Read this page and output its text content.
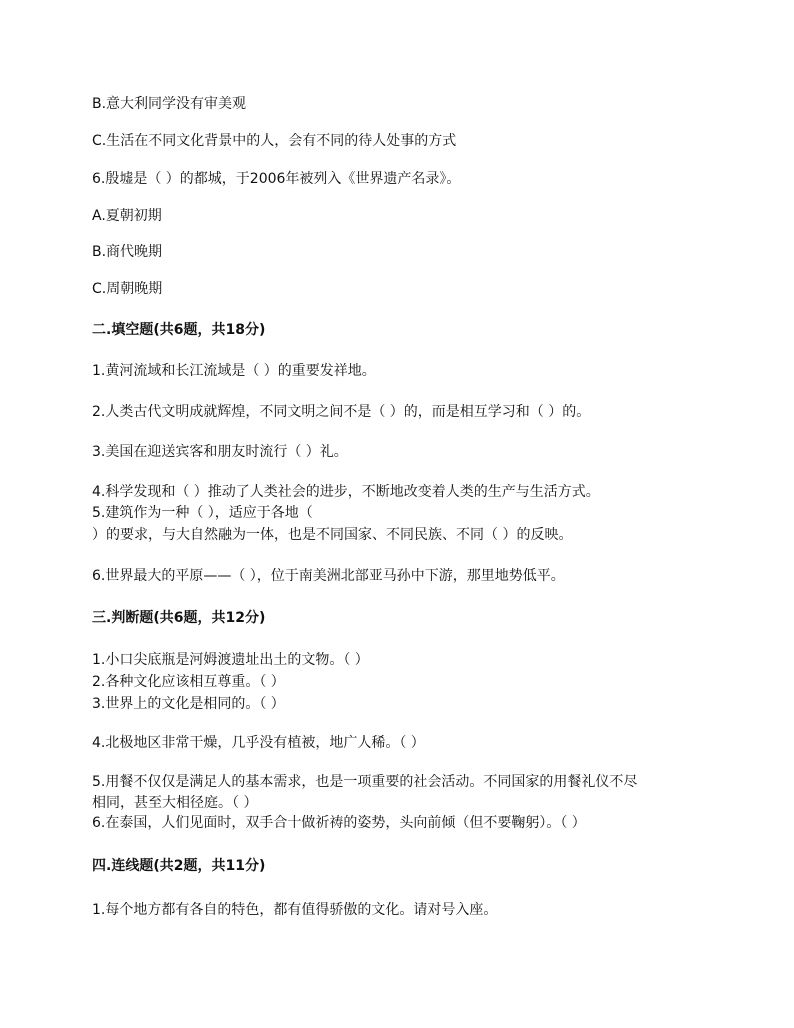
B.意大利同学没有审美观
C.生活在不同文化背景中的人，会有不同的待人处事的方式
6.殷墟是（ ）的都城，于2006年被列入《世界遗产名录》。
A.夏朝初期
B.商代晚期
C.周朝晚期
二.填空题(共6题，共18分)
1.黄河流域和长江流域是（ ）的重要发祥地。
2.人类古代文明成就辉煌，不同文明之间不是（ ）的，而是相互学习和（ ）的。
3.美国在迎送宾客和朋友时流行（ ）礼。
4.科学发现和（ ）推动了人类社会的进步，不断地改变着人类的生产与生活方式。
5.建筑作为一种（ ），适应于各地（
）的要求，与大自然融为一体，也是不同国家、不同民族、不同（ ）的反映。
6.世界最大的平原——（ ），位于南美洲北部亚马孙中下游，那里地势低平。
三.判断题(共6题，共12分)
1.小口尖底瓶是河姆渡遗址出土的文物。（ ）
2.各种文化应该相互尊重。（ ）
3.世界上的文化是相同的。（ ）
4.北极地区非常干燥，几乎没有植被，地广人稀。（ ）
5.用餐不仅仅是满足人的基本需求，也是一项重要的社会活动。不同国家的用餐礼仪不尽
相同，甚至大相径庭。（ ）
6.在泰国，人们见面时，双手合十做祈祷的姿势，头向前倾（但不要鞠躬）。（ ）
四.连线题(共2题，共11分)
1.每个地方都有各自的特色，都有值得骄傲的文化。请对号入座。
